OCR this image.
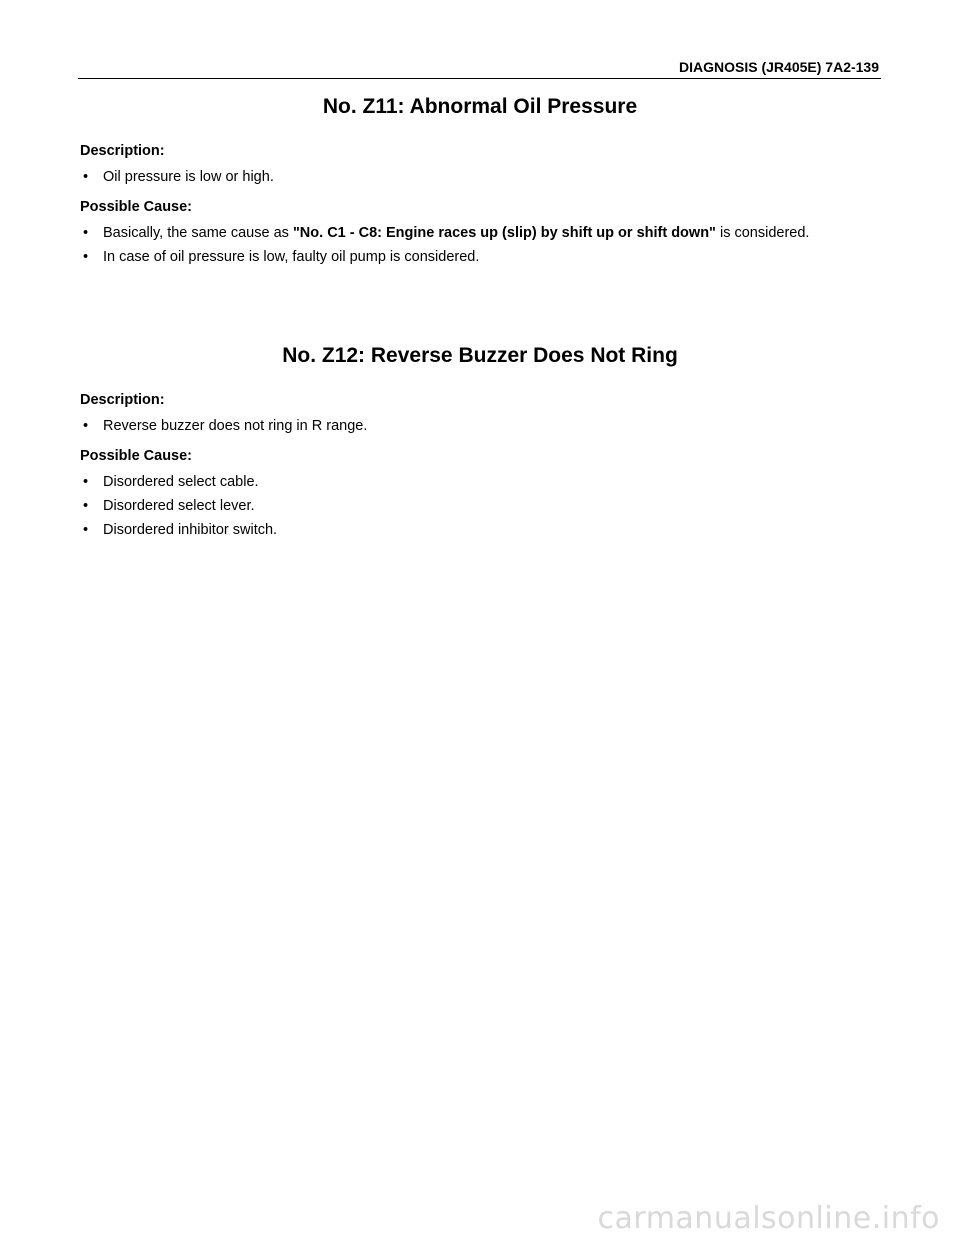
DIAGNOSIS (JR405E) 7A2-139
No. Z11: Abnormal Oil Pressure
Description:
• Oil pressure is low or high.
Possible Cause:
• Basically, the same cause as "No. C1 - C8: Engine races up (slip) by shift up or shift down" is considered.
• In case of oil pressure is low, faulty oil pump is considered.
No. Z12: Reverse Buzzer Does Not Ring
Description:
• Reverse buzzer does not ring in R range.
Possible Cause:
• Disordered select cable.
• Disordered select lever.
• Disordered inhibitor switch.
carmanualsonline.info
